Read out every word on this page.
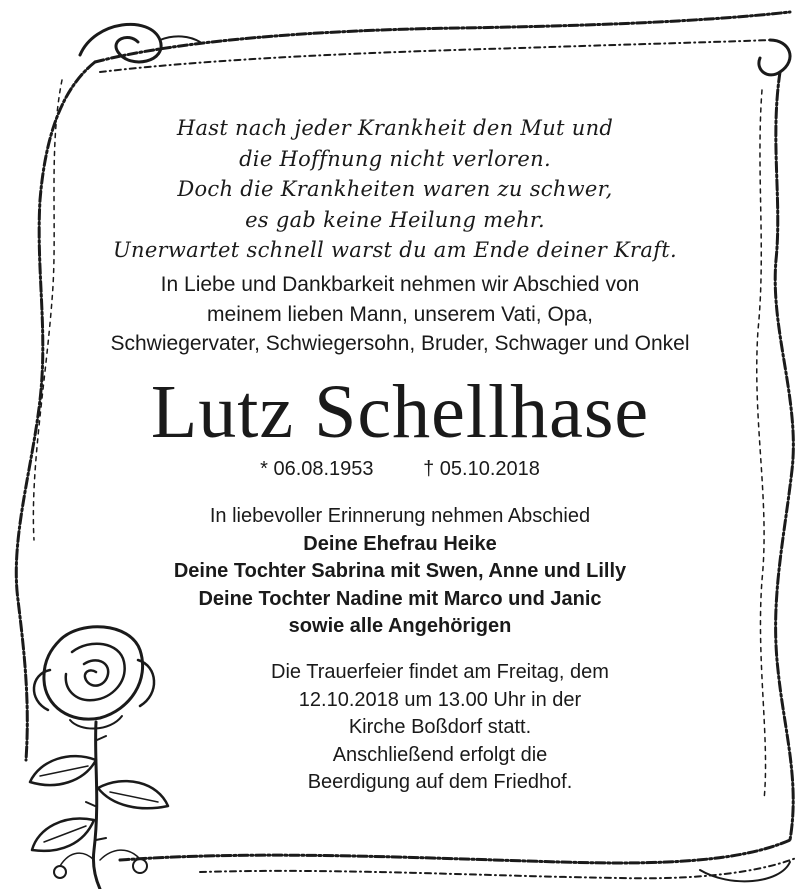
Hast nach jeder Krankheit den Mut und
die Hoffnung nicht verloren.
Doch die Krankheiten waren zu schwer,
es gab keine Heilung mehr.
Unerwartet schnell warst du am Ende deiner Kraft.
In Liebe und Dankbarkeit nehmen wir Abschied von
meinem lieben Mann, unserem Vati, Opa,
Schwiegervater, Schwiegersohn, Bruder, Schwager und Onkel
Lutz Schellhase
* 06.08.1953 † 05.10.2018
In liebevoller Erinnerung nehmen Abschied
Deine Ehefrau Heike
Deine Tochter Sabrina mit Swen, Anne und Lilly
Deine Tochter Nadine mit Marco und Janic
sowie alle Angehörigen
Die Trauerfeier findet am Freitag, dem
12.10.2018 um 13.00 Uhr in der
Kirche Boßdorf statt.
Anschließend erfolgt die
Beerdigung auf dem Friedhof.
